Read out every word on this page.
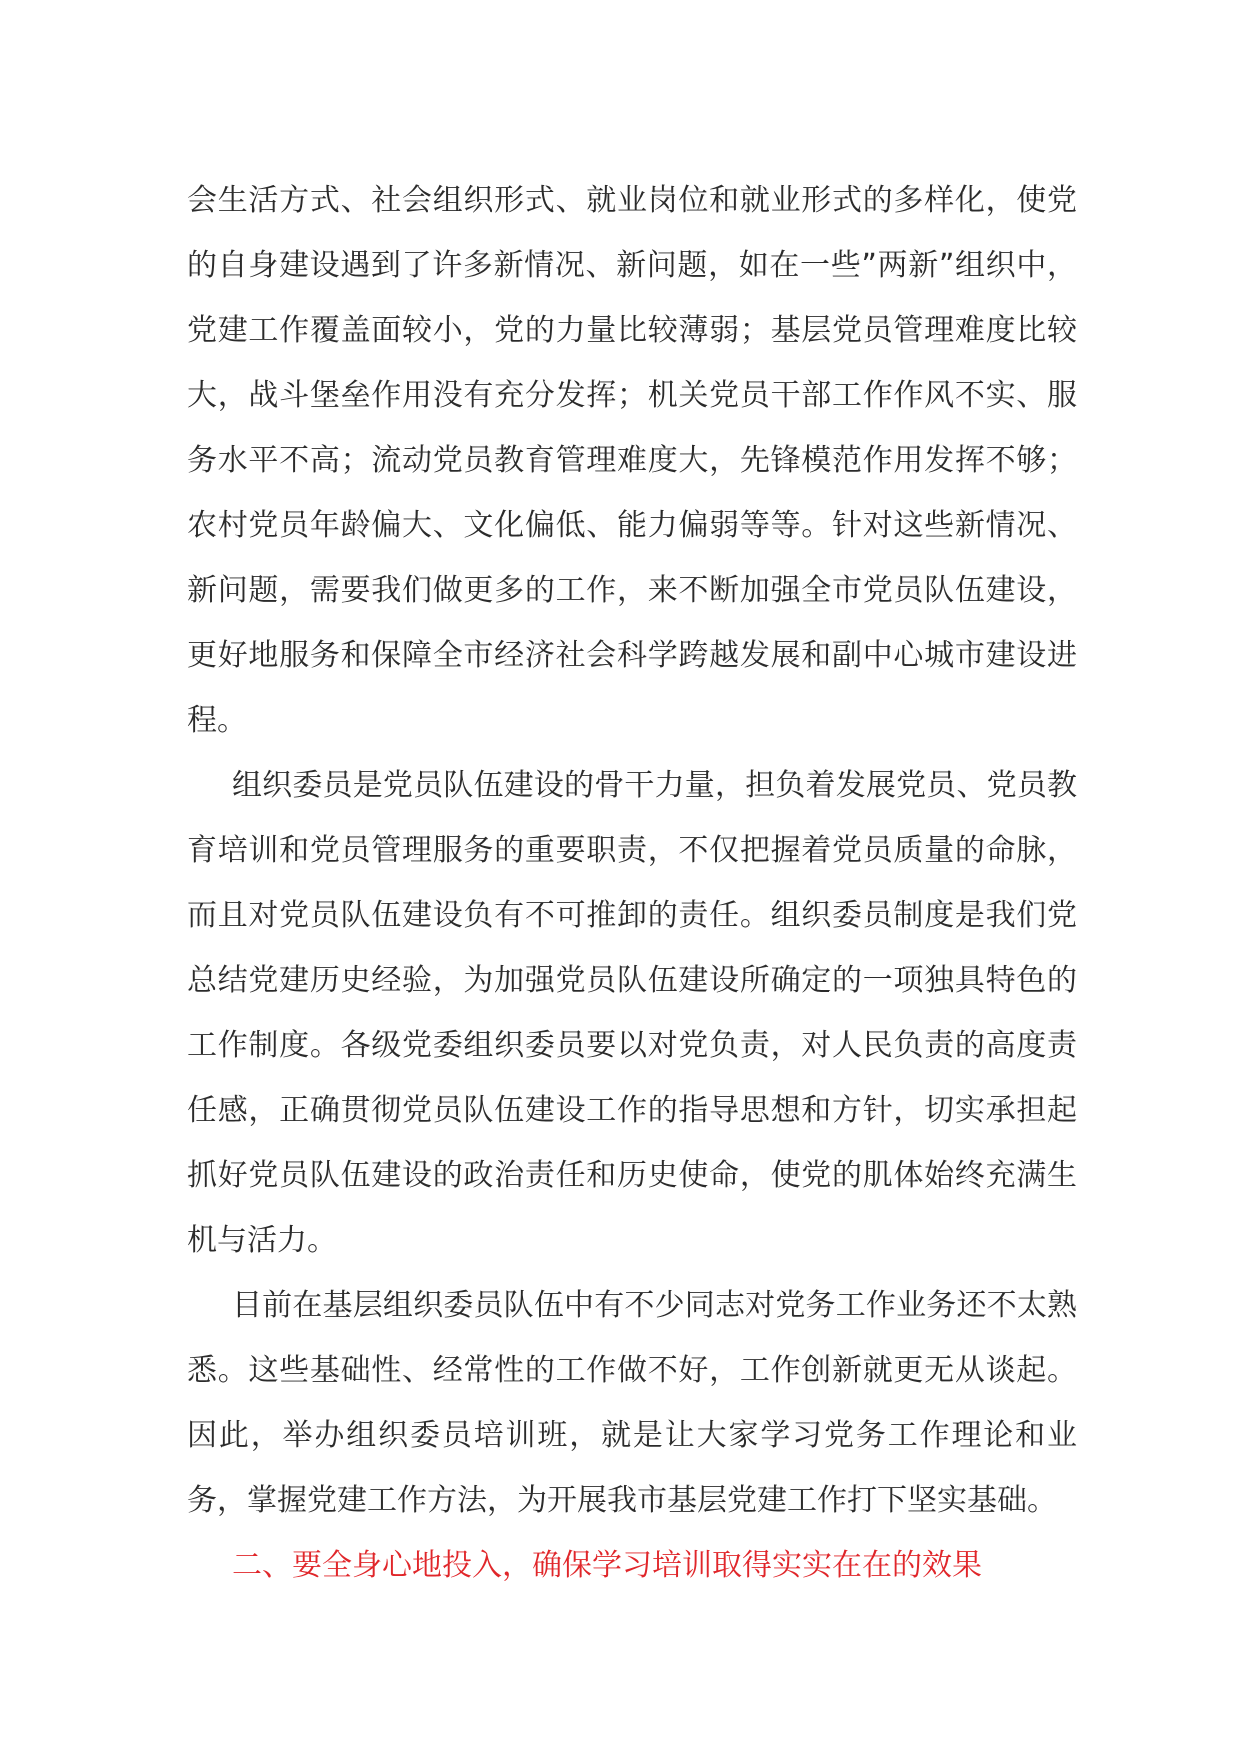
会生活方式、社会组织形式、就业岗位和就业形式的多样化，使党的自身建设遇到了许多新情况、新问题，如在一些”两新”组织中，党建工作覆盖面较小，党的力量比较薄弱；基层党员管理难度比较大，战斗堡垒作用没有充分发挥；机关党员干部工作作风不实、服务水平不高；流动党员教育管理难度大，先锋模范作用发挥不够；农村党员年龄偏大、文化偏低、能力偏弱等等。针对这些新情况、新问题，需要我们做更多的工作，来不断加强全市党员队伍建设，更好地服务和保障全市经济社会科学跨越发展和副中心城市建设进程。

组织委员是党员队伍建设的骨干力量，担负着发展党员、党员教育培训和党员管理服务的重要职责，不仅把握着党员质量的命脉，而且对党员队伍建设负有不可推卸的责任。组织委员制度是我们党总结党建历史经验，为加强党员队伍建设所确定的一项独具特色的工作制度。各级党委组织委员要以对党负责，对人民负责的高度责任感，正确贯彻党员队伍建设工作的指导思想和方针，切实承担起抓好党员队伍建设的政治责任和历史使命，使党的肌体始终充满生机与活力。

目前在基层组织委员队伍中有不少同志对党务工作业务还不太熟悉。这些基础性、经常性的工作做不好，工作创新就更无从谈起。因此，举办组织委员培训班，就是让大家学习党务工作理论和业务，掌握党建工作方法，为开展我市基层党建工作打下坚实基础。

二、要全身心地投入，确保学习培训取得实实在在的效果
